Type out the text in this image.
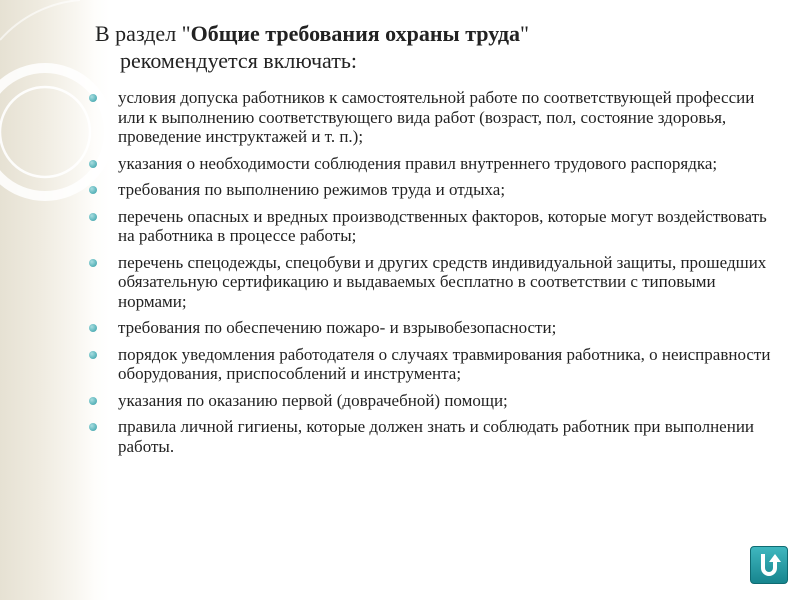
В раздел "Общие требования охраны труда"
рекомендуется включать:
условия допуска работников к самостоятельной работе по соответствующей профессии или к выполнению соответствующего вида работ (возраст, пол, состояние здоровья, проведение инструктажей и т. п.);
указания о необходимости соблюдения правил внутреннего трудового распорядка;
требования по выполнению режимов труда и отдыха;
перечень опасных и вредных производственных факторов, которые могут воздействовать на работника в процессе работы;
перечень спецодежды, спецобуви и других средств индивидуальной защиты, прошедших обязательную сертификацию и выдаваемых бесплатно в соответствии с типовыми нормами;
требования по обеспечению пожаро- и взрывобезопасности;
порядок уведомления работодателя о случаях травмирования работника, о неисправности оборудования, приспособлений и инструмента;
указания по оказанию первой (доврачебной) помощи;
правила личной гигиены, которые должен знать и соблюдать работник при выполнении работы.
